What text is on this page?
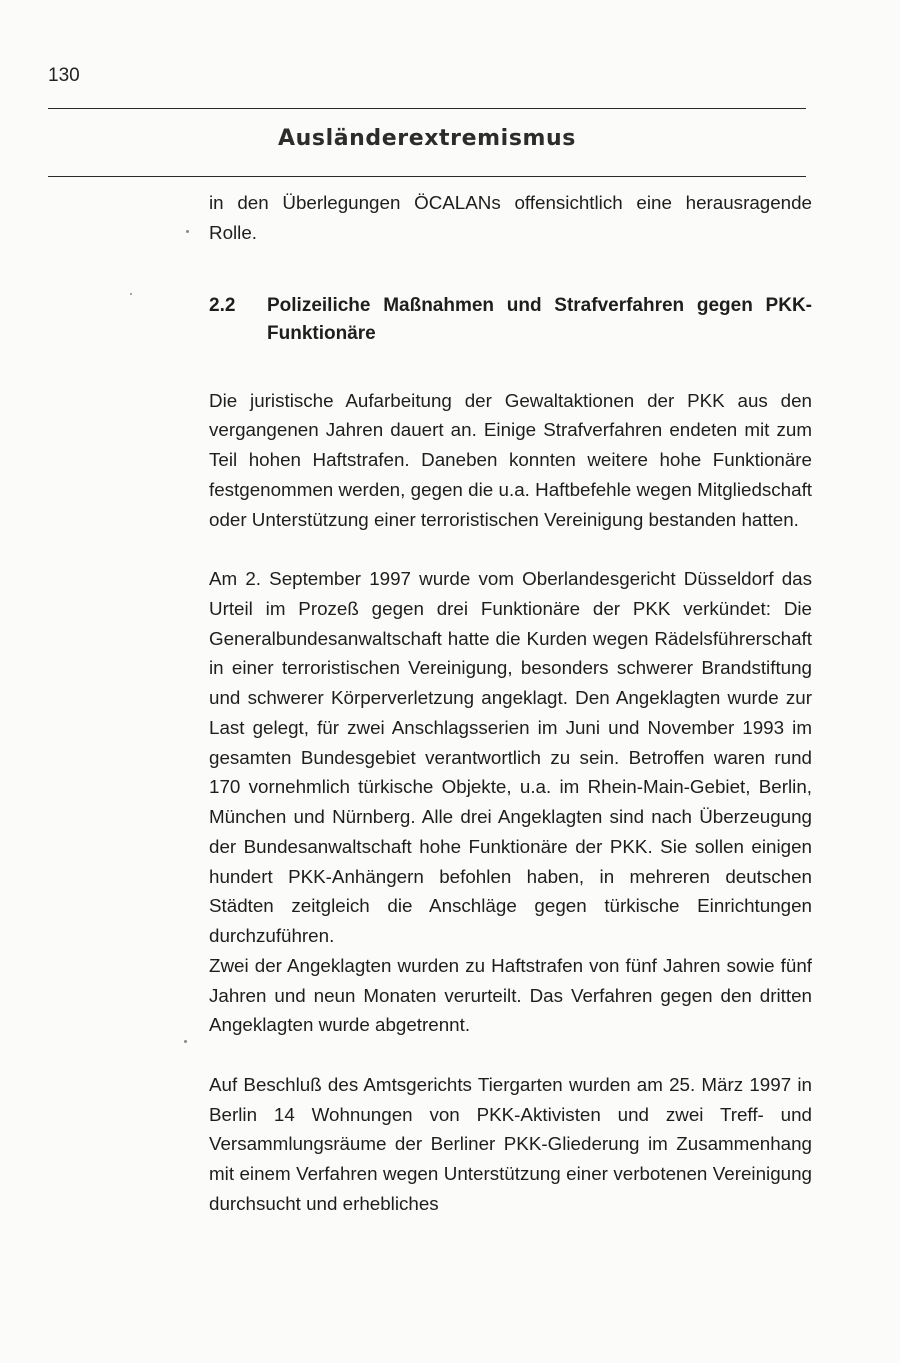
130
Ausländerextremismus

in den Überlegungen ÖCALANs offensichtlich eine herausragende Rolle.

2.2	Polizeiliche Maßnahmen und Strafverfahren gegen PKK-Funktionäre

Die juristische Aufarbeitung der Gewaltaktionen der PKK aus den vergangenen Jahren dauert an. Einige Strafverfahren endeten mit zum Teil hohen Haftstrafen. Daneben konnten weitere hohe Funktionäre festgenommen werden, gegen die u.a. Haftbefehle wegen Mitgliedschaft oder Unterstützung einer terroristischen Vereinigung bestanden hatten.

Am 2. September 1997 wurde vom Oberlandesgericht Düsseldorf das Urteil im Prozeß gegen drei Funktionäre der PKK verkündet: Die Generalbundesanwaltschaft hatte die Kurden wegen Rädelsführerschaft in einer terroristischen Vereinigung, besonders schwerer Brandstiftung und schwerer Körperverletzung angeklagt. Den Angeklagten wurde zur Last gelegt, für zwei Anschlagsserien im Juni und November 1993 im gesamten Bundesgebiet verantwortlich zu sein. Betroffen waren rund 170 vornehmlich türkische Objekte, u.a. im Rhein-Main-Gebiet, Berlin, München und Nürnberg. Alle drei Angeklagten sind nach Überzeugung der Bundesanwaltschaft hohe Funktionäre der PKK. Sie sollen einigen hundert PKK-Anhängern befohlen haben, in mehreren deutschen Städten zeitgleich die Anschläge gegen türkische Einrichtungen durchzuführen.

Zwei der Angeklagten wurden zu Haftstrafen von fünf Jahren sowie fünf Jahren und neun Monaten verurteilt. Das Verfahren gegen den dritten Angeklagten wurde abgetrennt.

Auf Beschluß des Amtsgerichts Tiergarten wurden am 25. März 1997 in Berlin 14 Wohnungen von PKK-Aktivisten und zwei Treff- und Versammlungsräume der Berliner PKK-Gliederung im Zusammenhang mit einem Verfahren wegen Unterstützung einer verbotenen Vereinigung durchsucht und erhebliches
